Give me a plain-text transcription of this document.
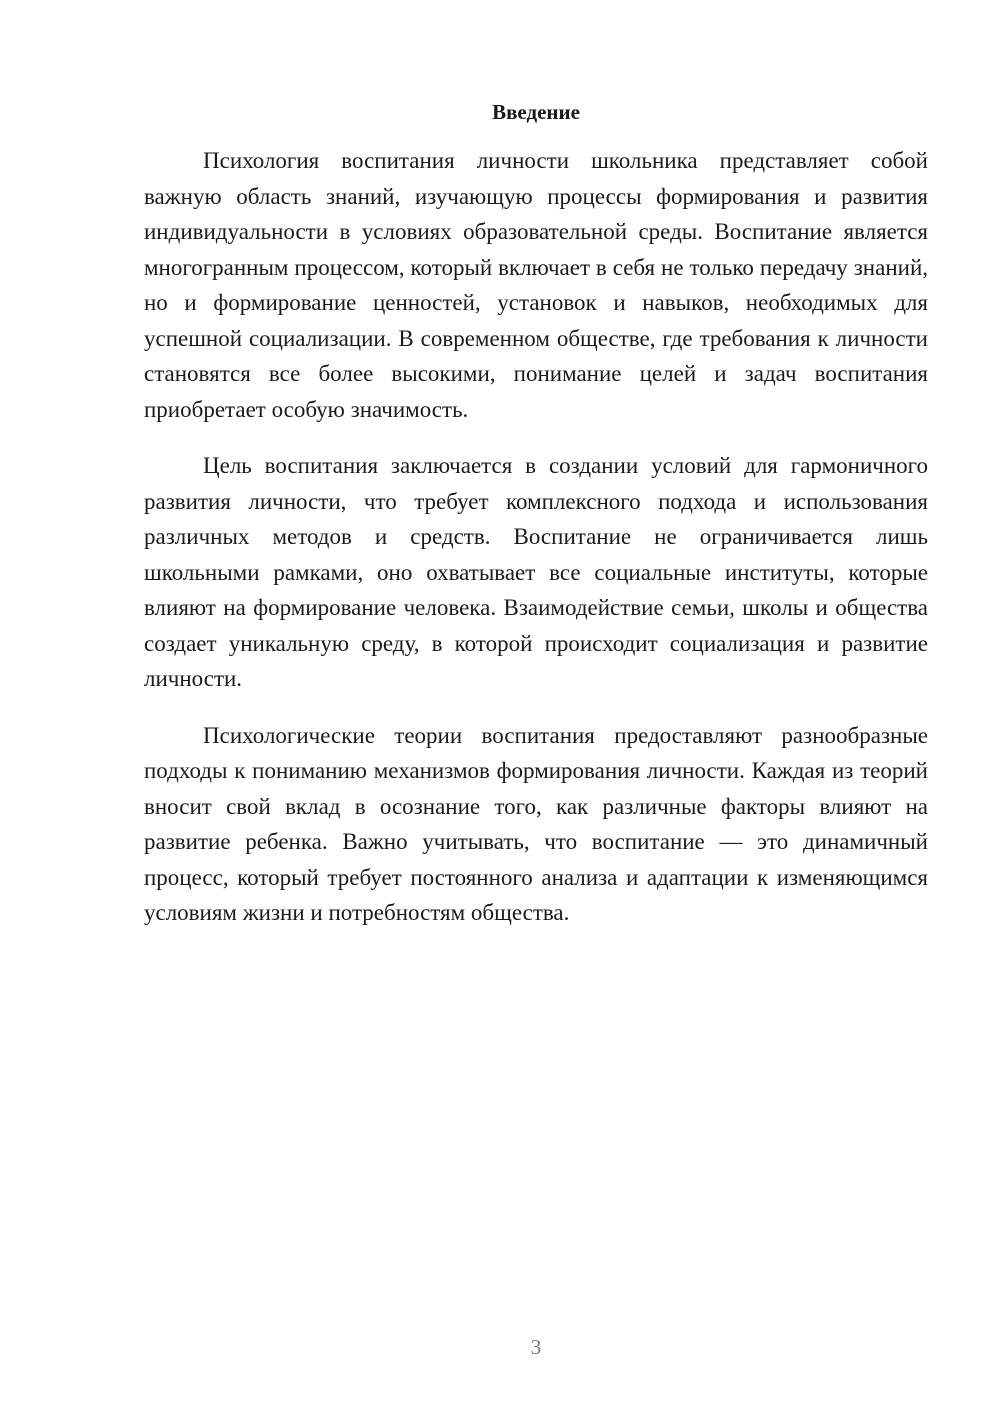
Введение

Психология воспитания личности школьника представляет собой важную область знаний, изучающую процессы формирования и развития индивидуальности в условиях образовательной среды. Воспитание является многогранным процессом, который включает в себя не только передачу знаний, но и формирование ценностей, установок и навыков, необходимых для успешной социализации. В современном обществе, где требования к личности становятся все более высокими, понимание целей и задач воспитания приобретает особую значимость.

Цель воспитания заключается в создании условий для гармоничного развития личности, что требует комплексного подхода и использования различных методов и средств. Воспитание не ограничивается лишь школьными рамками, оно охватывает все социальные институты, которые влияют на формирование человека. Взаимодействие семьи, школы и общества создает уникальную среду, в которой происходит социализация и развитие личности.

Психологические теории воспитания предоставляют разнообразные подходы к пониманию механизмов формирования личности. Каждая из теорий вносит свой вклад в осознание того, как различные факторы влияют на развитие ребенка. Важно учитывать, что воспитание — это динамичный процесс, который требует постоянного анализа и адаптации к изменяющимся условиям жизни и потребностям общества.

3
